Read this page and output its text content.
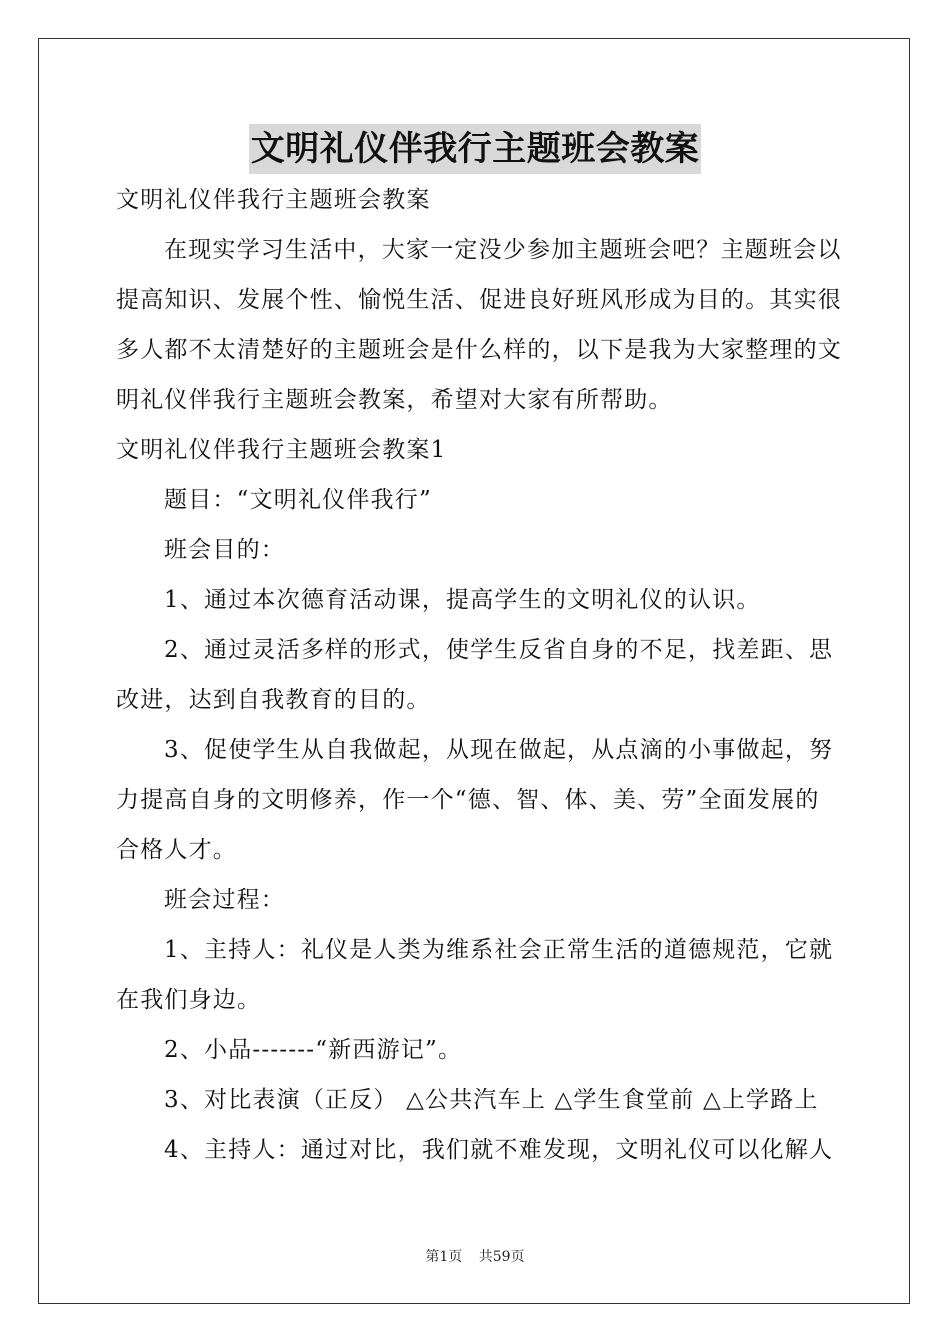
文明礼仪伴我行主题班会教案

文明礼仪伴我行主题班会教案

在现实学习生活中，大家一定没少参加主题班会吧？主题班会以

提高知识、发展个性、愉悦生活、促进良好班风形成为目的。其实很

多人都不太清楚好的主题班会是什么样的，以下是我为大家整理的文

明礼仪伴我行主题班会教案，希望对大家有所帮助。

文明礼仪伴我行主题班会教案1

题目：“文明礼仪伴我行”

班会目的：

1、通过本次德育活动课，提高学生的文明礼仪的认识。

2、通过灵活多样的形式，使学生反省自身的不足，找差距、思

改进，达到自我教育的目的。

3、促使学生从自我做起，从现在做起，从点滴的小事做起，努

力提高自身的文明修养，作一个“德、智、体、美、劳”全面发展的

合格人才。

班会过程：

1、主持人：礼仪是人类为维系社会正常生活的道德规范，它就

在我们身边。

2、小品-------“新西游记”。

3、对比表演（正反） △公共汽车上 △学生食堂前 △上学路上

4、主持人：通过对比，我们就不难发现，文明礼仪可以化解人

第1页 共59页
